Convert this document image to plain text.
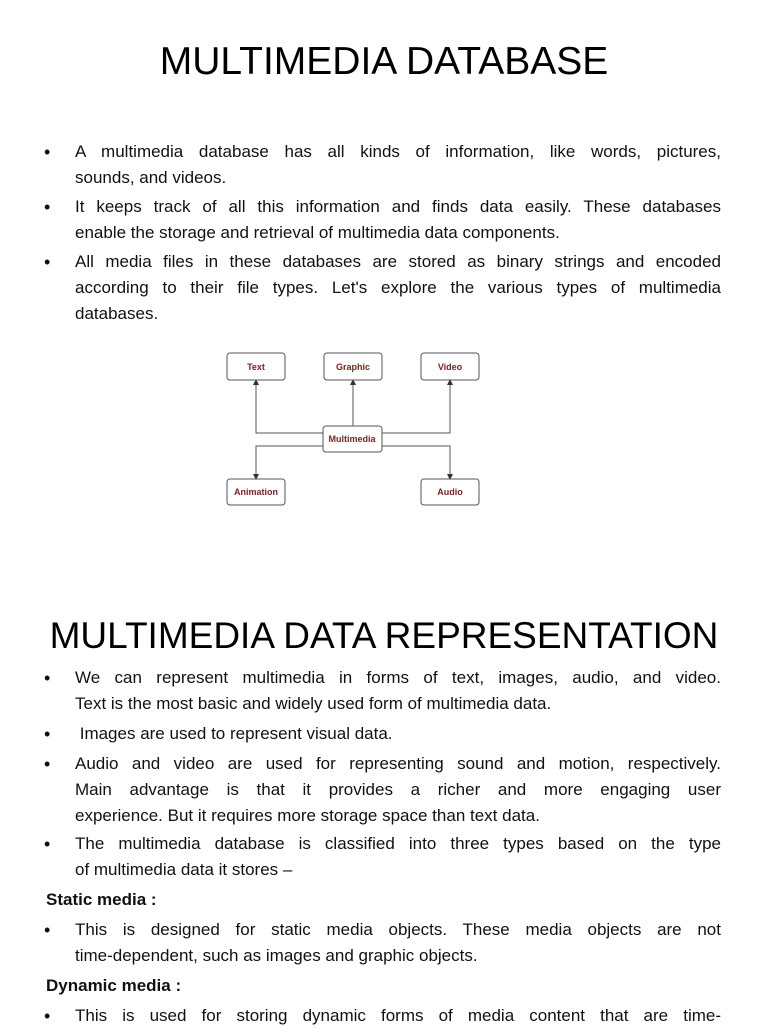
MULTIMEDIA DATABASE
• A multimedia database has all kinds of information, like words, pictures,
sounds, and videos.
• It keeps track of all this information and finds data easily. These databases
enable the storage and retrieval of multimedia data components.
• All media files in these databases are stored as binary strings and encoded
according to their file types. Let's explore the various types of multimedia
databases.
Text	Graphic	Video
Multimedia
Animation	Audio
MULTIMEDIA DATA REPRESENTATION
• We can represent multimedia in forms of text, images, audio, and video.
Text is the most basic and widely used form of multimedia data.
• Images are used to represent visual data.
• Audio and video are used for representing sound and motion, respectively.
Main advantage is that it provides a richer and more engaging user
experience. But it requires more storage space than text data.
• The multimedia database is classified into three types based on the type
of multimedia data it stores –
Static media :
• This is designed for static media objects. These media objects are not
time-dependent, such as images and graphic objects.
Dynamic media :
• This is used for storing dynamic forms of media content that are time-
